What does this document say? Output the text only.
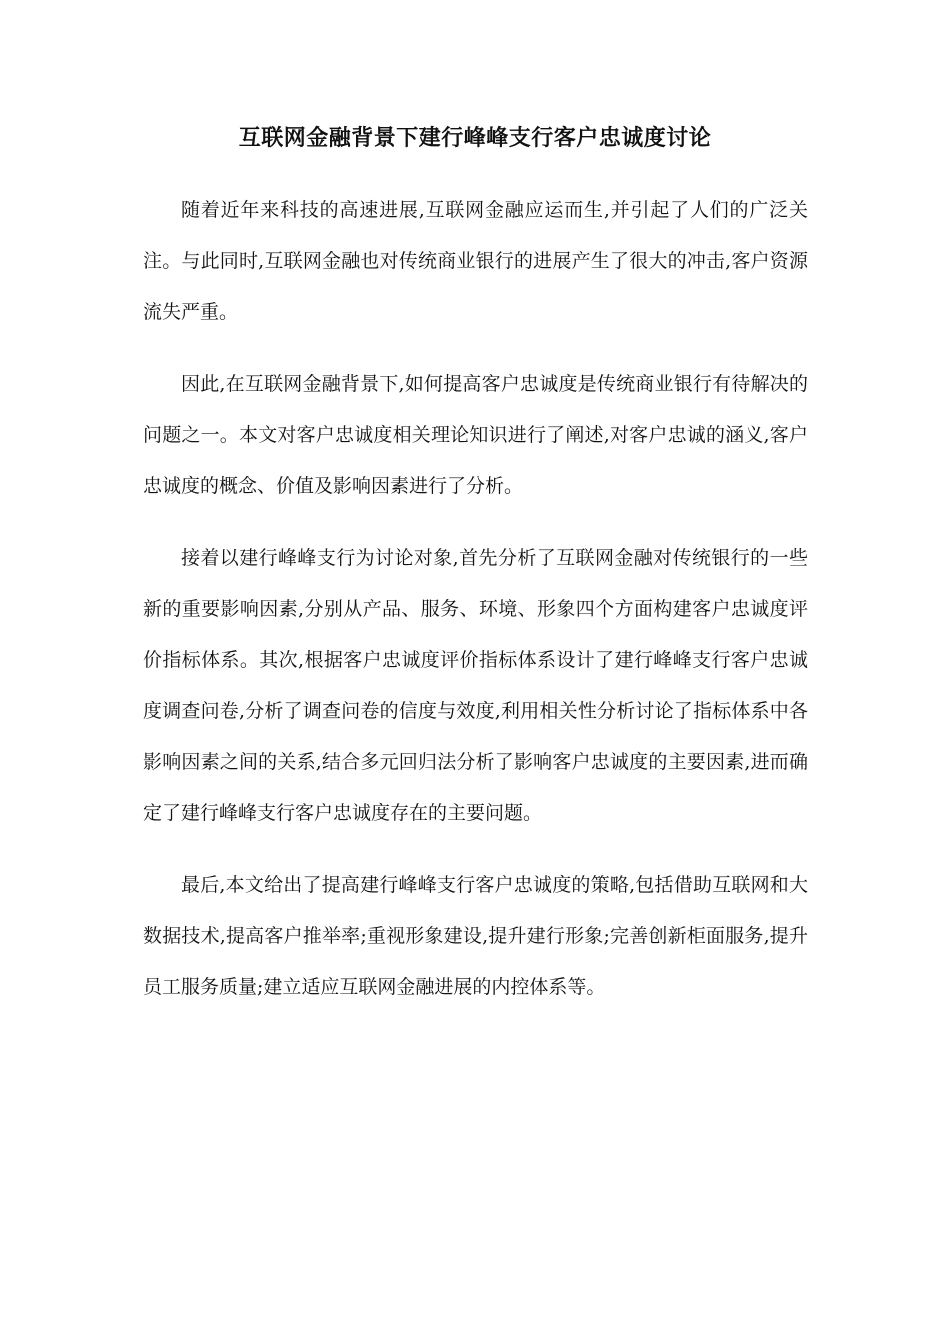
互联网金融背景下建行峰峰支行客户忠诚度讨论

随着近年来科技的高速进展,互联网金融应运而生,并引起了人们的广泛关注。与此同时,互联网金融也对传统商业银行的进展产生了很大的冲击,客户资源流失严重。

因此,在互联网金融背景下,如何提高客户忠诚度是传统商业银行有待解决的问题之一。本文对客户忠诚度相关理论知识进行了阐述,对客户忠诚的涵义,客户忠诚度的概念、价值及影响因素进行了分析。

接着以建行峰峰支行为讨论对象,首先分析了互联网金融对传统银行的一些新的重要影响因素,分别从产品、服务、环境、形象四个方面构建客户忠诚度评价指标体系。其次,根据客户忠诚度评价指标体系设计了建行峰峰支行客户忠诚度调查问卷,分析了调查问卷的信度与效度,利用相关性分析讨论了指标体系中各影响因素之间的关系,结合多元回归法分析了影响客户忠诚度的主要因素,进而确定了建行峰峰支行客户忠诚度存在的主要问题。

最后,本文给出了提高建行峰峰支行客户忠诚度的策略,包括借助互联网和大数据技术,提高客户推举率;重视形象建设,提升建行形象;完善创新柜面服务,提升员工服务质量;建立适应互联网金融进展的内控体系等。
